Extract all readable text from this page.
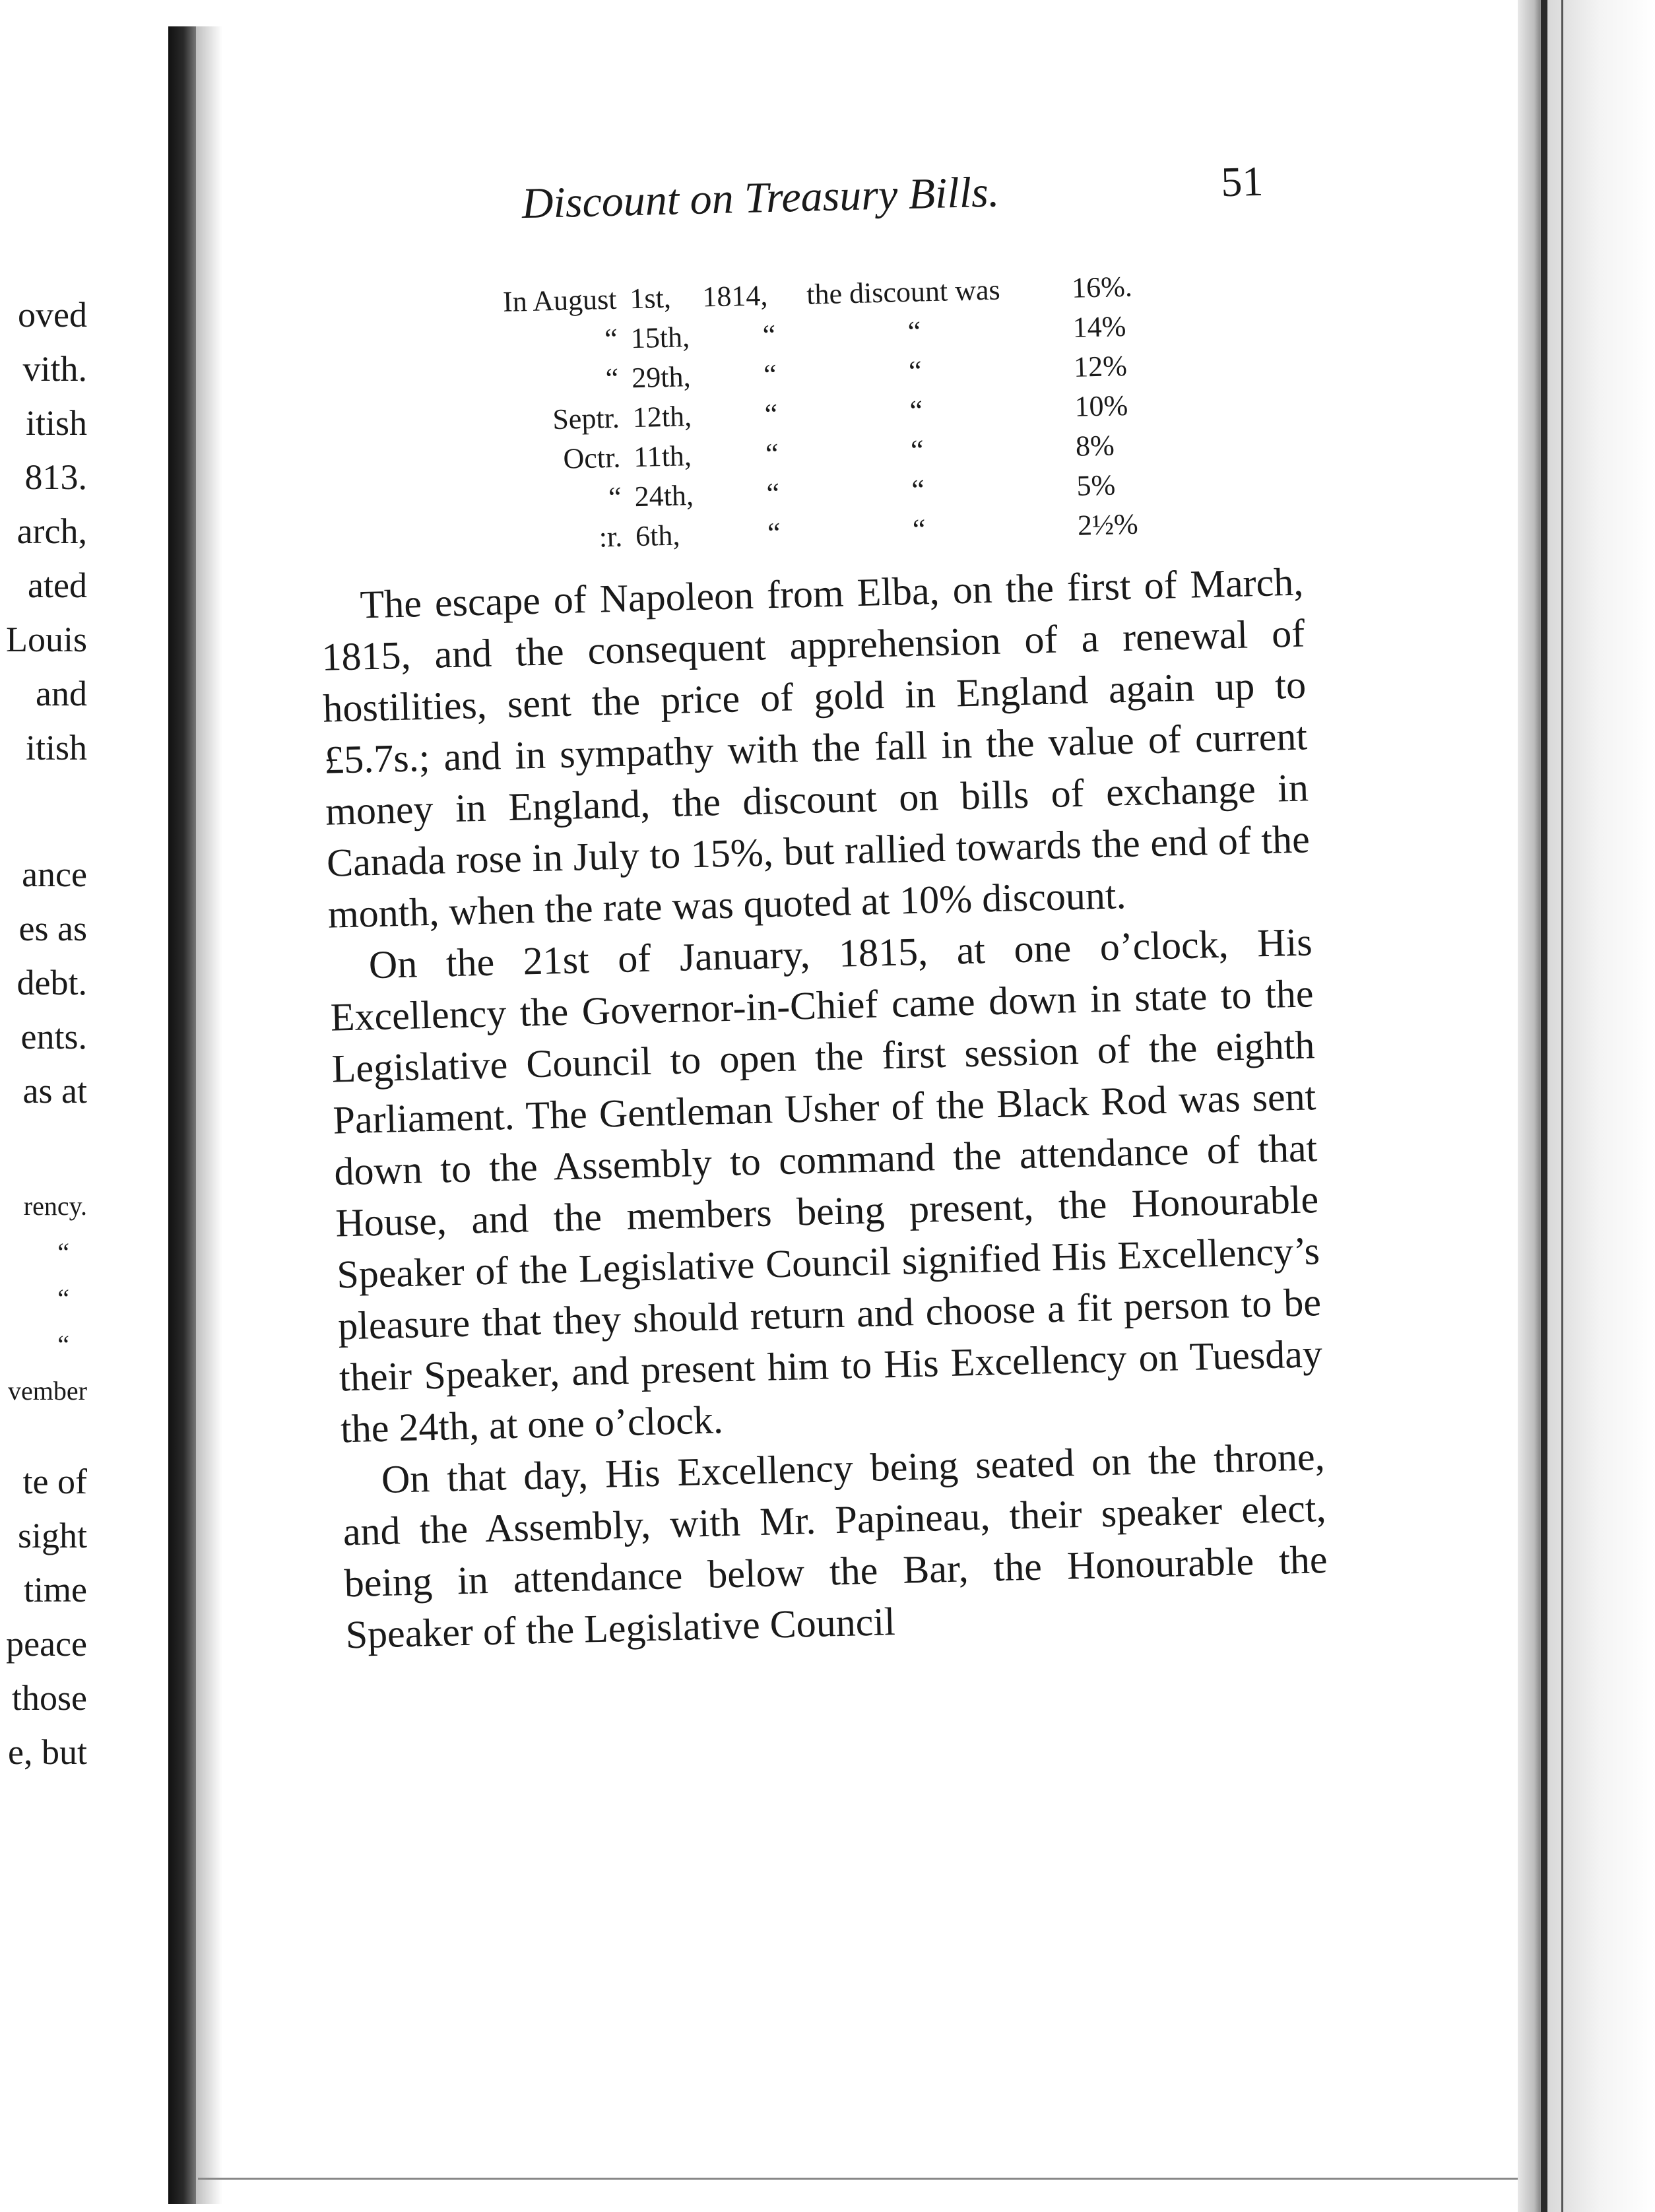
oved
vith.
itish
813.
arch,
ated
Louis
and
itish
ance
es as
debt.
ents.
as at
rency.
“
“
“
vember
te of
sight
time
peace
those
e, but
Discount on Treasury Bills.	51
In August 1st, 1814, the discount was 16%.
“ 15th, “	“	14%
“ 29th, “	“	12%
Septr. 12th, “	“	10%
Octr. 11th,	“	“	8%
“ 24th, “	“	5%
:r. 6th,	“	“	2½%

The escape of Napoleon from Elba, on the first of March, 1815, and the consequent apprehension of a renewal of hostilities, sent the price of gold in England again up to £5.7s.; and in sympathy with the fall in the value of current money in England, the discount on bills of exchange in Canada rose in July to 15%, but rallied towards the end of the month, when the rate was quoted at 10% discount.

On the 21st of January, 1815, at one o’clock, His Excellency the Governor-in-Chief came down in state to the Legislative Council to open the first session of the eighth Parliament. The Gentleman Usher of the Black Rod was sent down to the Assembly to command the attendance of that House, and the members being present, the Honourable Speaker of the Legislative Council signified His Excellency’s pleasure that they should return and choose a fit person to be their Speaker, and present him to His Excellency on Tuesday the 24th, at one o’clock.

On that day, His Excellency being seated on the throne, and the Assembly, with Mr. Papineau, their speaker elect, being in attendance below the Bar, the Honourable the Speaker of the Legislative Council
